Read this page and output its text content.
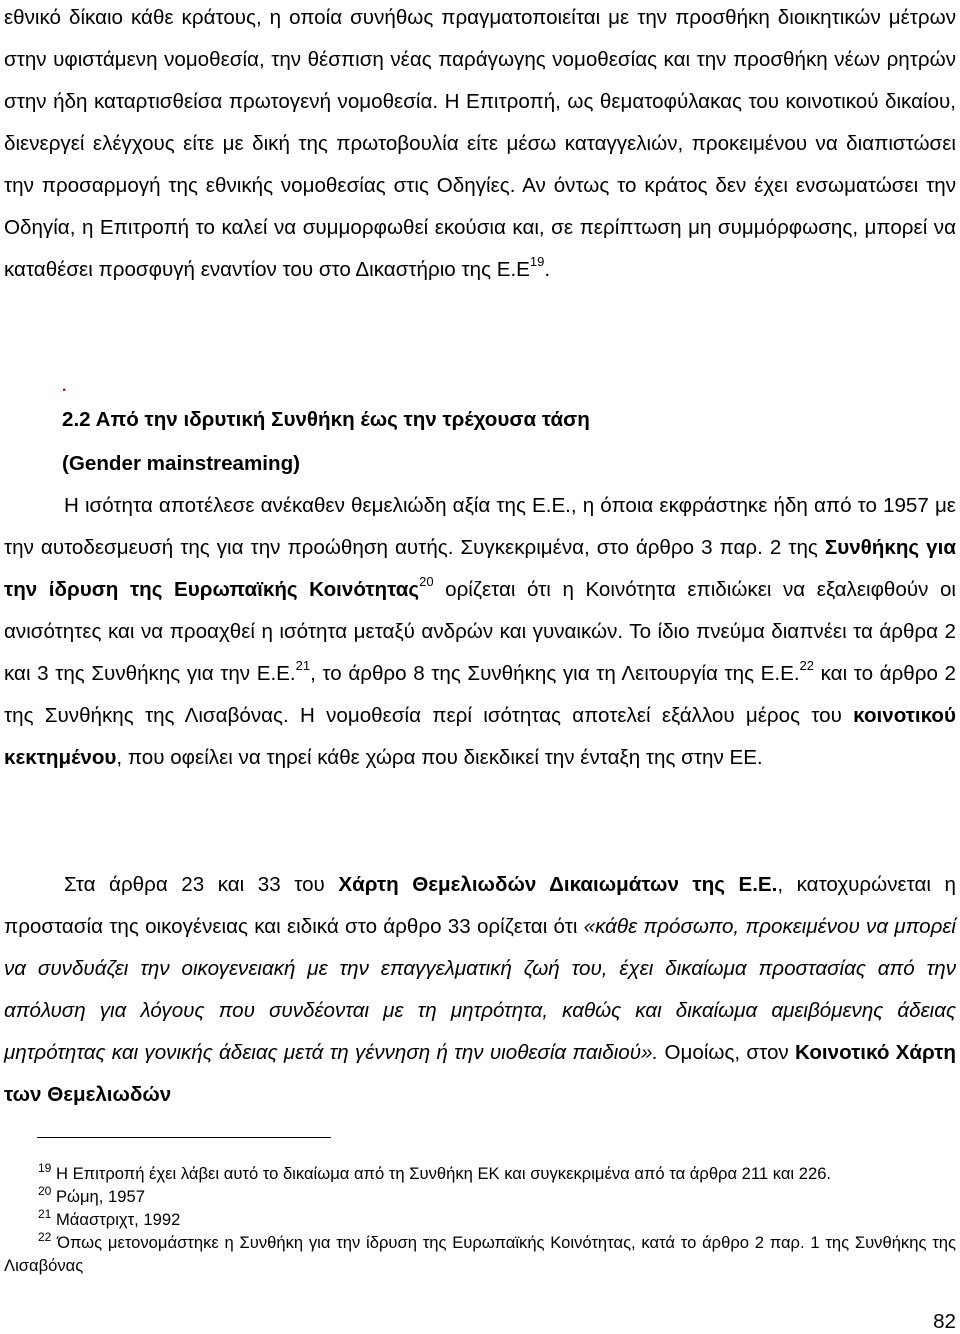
εθνικό δίκαιο κάθε κράτους, η οποία συνήθως πραγματοποιείται με την προσθήκη διοικητικών μέτρων στην υφιστάμενη νομοθεσία, την θέσπιση νέας παράγωγης νομοθεσίας και την προσθήκη νέων ρητρών στην ήδη καταρτισθείσα πρωτογενή νομοθεσία. Η Επιτροπή, ως θεματοφύλακας του κοινοτικού δικαίου, διενεργεί ελέγχους είτε με δική της πρωτοβουλία είτε μέσω καταγγελιών, προκειμένου να διαπιστώσει την προσαρμογή της εθνικής νομοθεσίας στις Οδηγίες. Αν όντως το κράτος δεν έχει ενσωματώσει την Οδηγία, η Επιτροπή το καλεί να συμμορφωθεί εκούσια και, σε περίπτωση μη συμμόρφωσης, μπορεί να καταθέσει προσφυγή εναντίον του στο Δικαστήριο της $E.E^{19}$.

.
2.2 Από την ιδρυτική Συνθήκη έως την τρέχουσα τάση
(Gender mainstreaming)

Η ισότητα αποτέλεσε ανέκαθεν θεμελιώδη αξία της Ε.Ε., η όποια εκφράστηκε ήδη από το 1957 με την αυτοδεσμευσή της για την προώθηση αυτής. Συγκεκριμένα, στο άρθρο 3 παρ. 2 της Συνθήκης για την ίδρυση της Ευρωπαϊκής Κοινότητας$^{20}$ ορίζεται ότι η Κοινότητα επιδιώκει να εξαλειφθούν οι ανισότητες και να προαχθεί η ισότητα μεταξύ ανδρών και γυναικών. Το ίδιο πνεύμα διαπνέει τα άρθρα 2 και 3 της Συνθήκης για την Ε.Ε.$^{21}$, το άρθρο 8 της Συνθήκης για τη Λειτουργία της Ε.Ε.$^{22}$ και το άρθρο 2 της Συνθήκης της Λισαβόνας. Η νομοθεσία περί ισότητας αποτελεί εξάλλου μέρος του κοινοτικού κεκτημένου, που οφείλει να τηρεί κάθε χώρα που διεκδικεί την ένταξη της στην ΕΕ.

Στα άρθρα 23 και 33 του Χάρτη Θεμελιωδών Δικαιωμάτων της Ε.Ε., κατοχυρώνεται η προστασία της οικογένειας και ειδικά στο άρθρο 33 ορίζεται ότι «κάθε πρόσωπο, προκειμένου να μπορεί να συνδυάζει την οικογενειακή με την επαγγελματική ζωή του, έχει δικαίωμα προστασίας από την απόλυση για λόγους που συνδέονται με τη μητρότητα, καθώς και δικαίωμα αμειβόμενης άδειας μητρότητας και γονικής άδειας μετά τη γέννηση ή την υιοθεσία παιδιού». Ομοίως, στον Κοινοτικό Χάρτη των Θεμελιωδών

$^{19}$ Η Επιτροπή έχει λάβει αυτό το δικαίωμα από τη Συνθήκη ΕΚ και συγκεκριμένα από τα άρθρα 211 και 226.

$^{20}$ Ρώμη, 1957

$^{21}$ Μάαστριχτ, 1992

$^{22}$ Όπως μετονομάστηκε η Συνθήκη για την ίδρυση της Ευρωπαϊκής Κοινότητας, κατά το άρθρο 2 παρ. 1 της Συνθήκης της Λισαβόνας

82
